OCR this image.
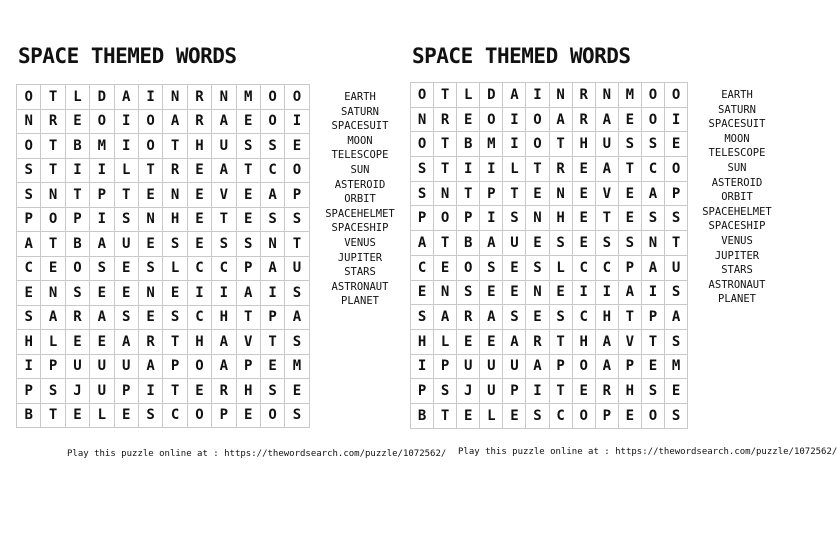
SPACE THEMED WORDS
O	T	L	D	A	I	N	R	N	M	O	O
N	R	E	O	I	O	A	R	A	E	O	I
O	T	B	M	I	O	T	H	U	S	S	E
S	T	I	I	L	T	R	E	A	T	C	O
S	N	T	P	T	E	N	E	V	E	A	P
P	O	P	I	S	N	H	E	T	E	S	S
A	T	B	A	U	E	S	E	S	S	N	T
C	E	O	S	E	S	L	C	C	P	A	U
E	N	S	E	E	N	E	I	I	A	I	S
S	A	R	A	S	E	S	C	H	T	P	A
H	L	E	E	A	R	T	H	A	V	T	S
I	P	U	U	U	A	P	O	A	P	E	M
P	S	J	U	P	I	T	E	R	H	S	E
B	T	E	L	E	S	C	O	P	E	O	S
EARTH
SATURN
SPACESUIT
MOON
TELESCOPE
SUN
ASTEROID
ORBIT
SPACEHELMET
SPACESHIP
VENUS
JUPITER
STARS
ASTRONAUT
PLANET
Play this puzzle online at : https://thewordsearch.com/puzzle/1072562/
SPACE THEMED WORDS
O	T	L	D	A	I	N	R	N	M	O	O
N	R	E	O	I	O	A	R	A	E	O	I
O	T	B	M	I	O	T	H	U	S	S	E
S	T	I	I	L	T	R	E	A	T	C	O
S	N	T	P	T	E	N	E	V	E	A	P
P	O	P	I	S	N	H	E	T	E	S	S
A	T	B	A	U	E	S	E	S	S	N	T
C	E	O	S	E	S	L	C	C	P	A	U
E	N	S	E	E	N	E	I	I	A	I	S
S	A	R	A	S	E	S	C	H	T	P	A
H	L	E	E	A	R	T	H	A	V	T	S
I	P	U	U	U	A	P	O	A	P	E	M
P	S	J	U	P	I	T	E	R	H	S	E
B	T	E	L	E	S	C	O	P	E	O	S
EARTH
SATURN
SPACESUIT
MOON
TELESCOPE
SUN
ASTEROID
ORBIT
SPACEHELMET
SPACESHIP
VENUS
JUPITER
STARS
ASTRONAUT
PLANET
Play this puzzle online at : https://thewordsearch.com/puzzle/1072562/
